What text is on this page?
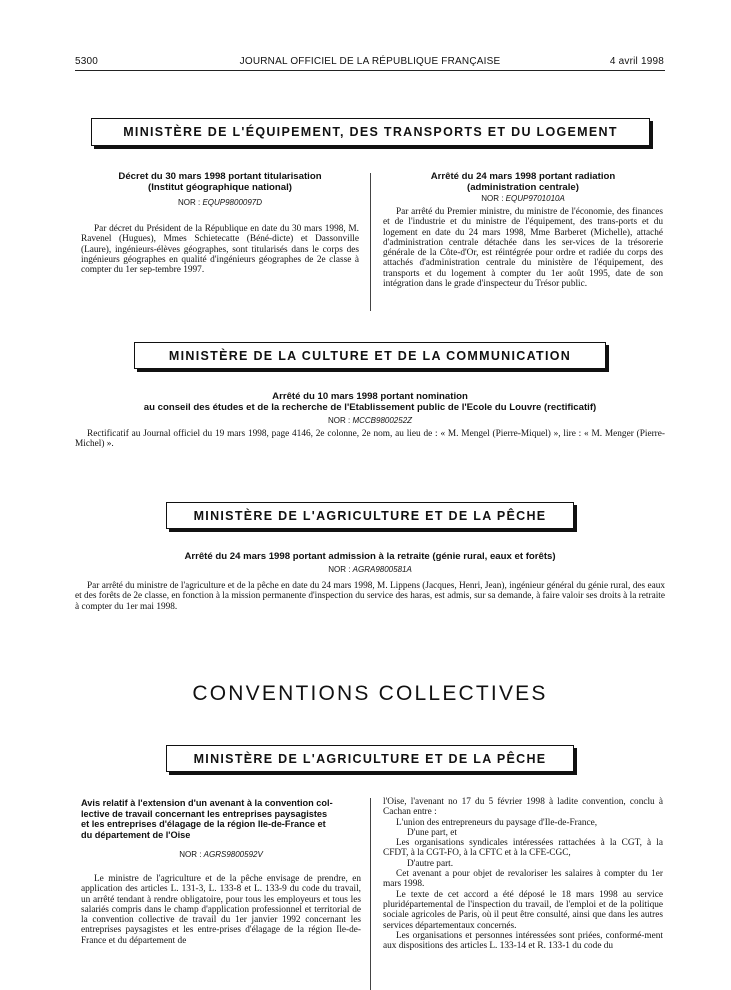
5300	JOURNAL OFFICIEL DE LA RÉPUBLIQUE FRANÇAISE	4 avril 1998
MINISTÈRE DE L'ÉQUIPEMENT, DES TRANSPORTS ET DU LOGEMENT
Décret du 30 mars 1998 portant titularisation
(Institut géographique national)
NOR : EQUP9800097D

Par décret du Président de la République en date du 30 mars 1998, M. Ravenel (Hugues), Mmes Schietecatte (Béné-dicte) et Dassonville (Laure), ingénieurs-élèves géographes, sont titularisés dans le corps des ingénieurs géographes en qualité d'ingénieurs géographes de 2e classe à compter du 1er sep-tembre 1997.

Arrêté du 24 mars 1998 portant radiation
(administration centrale)
NOR : EQUP9701010A

Par arrêté du Premier ministre, du ministre de l'économie, des finances et de l'industrie et du ministre de l'équipement, des trans-ports et du logement en date du 24 mars 1998, Mme Barberet (Michelle), attaché d'administration centrale détachée dans les ser-vices de la trésorerie générale de la Côte-d'Or, est réintégrée pour ordre et radiée du corps des attachés d'administration centrale du ministère de l'équipement, des transports et du logement à compter du 1er août 1995, date de son intégration dans le grade d'inspecteur du Trésor public.

MINISTÈRE DE LA CULTURE ET DE LA COMMUNICATION
Arrêté du 10 mars 1998 portant nomination
au conseil des études et de la recherche de l'Etablissement public de l'Ecole du Louvre (rectificatif)
NOR : MCCB9800252Z

Rectificatif au Journal officiel du 19 mars 1998, page 4146, 2e colonne, 2e nom, au lieu de : « M. Mengel (Pierre-Miquel) », lire : « M. Menger (Pierre-Michel) ».

MINISTÈRE DE L'AGRICULTURE ET DE LA PÊCHE
Arrêté du 24 mars 1998 portant admission à la retraite (génie rural, eaux et forêts)
NOR : AGRA9800581A

Par arrêté du ministre de l'agriculture et de la pêche en date du 24 mars 1998, M. Lippens (Jacques, Henri, Jean), ingénieur général du génie rural, des eaux et des forêts de 2e classe, en fonction à la mission permanente d'inspection du service des haras, est admis, sur sa demande, à faire valoir ses droits à la retraite à compter du 1er mai 1998.

CONVENTIONS COLLECTIVES
MINISTÈRE DE L'AGRICULTURE ET DE LA PÊCHE
Avis relatif à l'extension d'un avenant à la convention col-
lective de travail concernant les entreprises paysagistes
et les entreprises d'élagage de la région Ile-de-France et
du département de l'Oise
NOR : AGRS9800592V

Le ministre de l'agriculture et de la pêche envisage de prendre, en application des articles L. 131-3, L. 133-8 et L. 133-9 du code du travail, un arrêté tendant à rendre obligatoire, pour tous les employeurs et tous les salariés compris dans le champ d'application professionnel et territorial de la convention collective de travail du 1er janvier 1992 concernant les entreprises paysagistes et les entre-prises d'élagage de la région Ile-de-France et du département de

l'Oise, l'avenant no 17 du 5 février 1998 à ladite convention, conclu à Cachan entre :

L'union des entrepreneurs du paysage d'Ile-de-France,

D'une part, et

Les organisations syndicales intéressées rattachées à la CGT, à la CFDT, à la CGT-FO, à la CFTC et à la CFE-CGC,

D'autre part.

Cet avenant a pour objet de revaloriser les salaires à compter du 1er mars 1998.

Le texte de cet accord a été déposé le 18 mars 1998 au service pluridépartemental de l'inspection du travail, de l'emploi et de la politique sociale agricoles de Paris, où il peut être consulté, ainsi que dans les autres services départementaux concernés.

Les organisations et personnes intéressées sont priées, conformé-ment aux dispositions des articles L. 133-14 et R. 133-1 du code du
